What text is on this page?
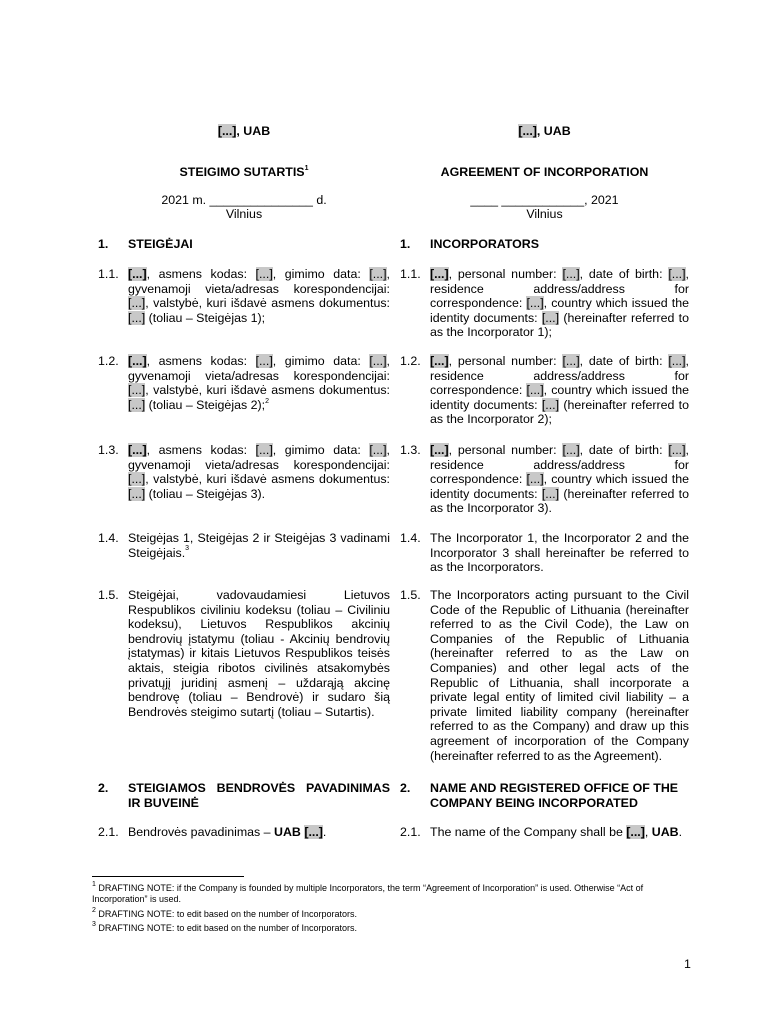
[...], UAB
STEIGIMO SUTARTIS$^1$
2021 m. _______________ d.
Vilnius
1. STEIGĖJAI
1.1. [...], asmens kodas: [...], gimimo data: [...], gyvenamoji vieta/adresas korespondencijai: [...], valstybė, kuri išdavė asmens dokumentus: [...] (toliau – Steigėjas 1);
1.2. [...], asmens kodas: [...], gimimo data: [...], gyvenamoji vieta/adresas korespondencijai: [...], valstybė, kuri išdavė asmens dokumentus: [...] (toliau – Steigėjas 2);$^2$
1.3. [...], asmens kodas: [...], gimimo data: [...], gyvenamoji vieta/adresas korespondencijai: [...], valstybė, kuri išdavė asmens dokumentus: [...] (toliau – Steigėjas 3).
1.4. Steigėjas 1, Steigėjas 2 ir Steigėjas 3 vadinami Steigėjais.$^3$
1.5. Steigėjai, vadovaudamiesi Lietuvos Respublikos civiliniu kodeksu (toliau – Civiliniu kodeksu), Lietuvos Respublikos akcinių bendrovių įstatymu (toliau - Akcinių bendrovių įstatymas) ir kitais Lietuvos Respublikos teisės aktais, steigia ribotos civilinės atsakomybės privatųjį juridinį asmenį – uždarąją akcinę bendrovę (toliau – Bendrovė) ir sudaro šią Bendrovės steigimo sutartį (toliau – Sutartis).
2. STEIGIAMOS BENDROVĖS PAVADINIMAS IR BUVEINĖ
2.1. Bendrovės pavadinimas – UAB [...].
[...], UAB
AGREEMENT OF INCORPORATION
____ ____________, 2021
Vilnius
1. INCORPORATORS
1.1. [...], personal number: [...], date of birth: [...], residence address/address for correspondence: [...], country which issued the identity documents: [...] (hereinafter referred to as the Incorporator 1);
1.2. [...], personal number: [...], date of birth: [...], residence address/address for correspondence: [...], country which issued the identity documents: [...] (hereinafter referred to as the Incorporator 2);
1.3. [...], personal number: [...], date of birth: [...], residence address/address for correspondence: [...], country which issued the identity documents: [...] (hereinafter referred to as the Incorporator 3).
1.4. The Incorporator 1, the Incorporator 2 and the Incorporator 3 shall hereinafter be referred to as the Incorporators.
1.5. The Incorporators acting pursuant to the Civil Code of the Republic of Lithuania (hereinafter referred to as the Civil Code), the Law on Companies of the Republic of Lithuania (hereinafter referred to as the Law on Companies) and other legal acts of the Republic of Lithuania, shall incorporate a private legal entity of limited civil liability – a private limited liability company (hereinafter referred to as the Company) and draw up this agreement of incorporation of the Company (hereinafter referred to as the Agreement).
2. NAME AND REGISTERED OFFICE OF THE COMPANY BEING INCORPORATED
2.1. The name of the Company shall be [...], UAB.
$^1$ DRAFTING NOTE: if the Company is founded by multiple Incorporators, the term “Agreement of Incorporation” is used. Otherwise “Act of Incorporation” is used.
$^2$ DRAFTING NOTE: to edit based on the number of Incorporators.
$^3$ DRAFTING NOTE: to edit based on the number of Incorporators.
1
